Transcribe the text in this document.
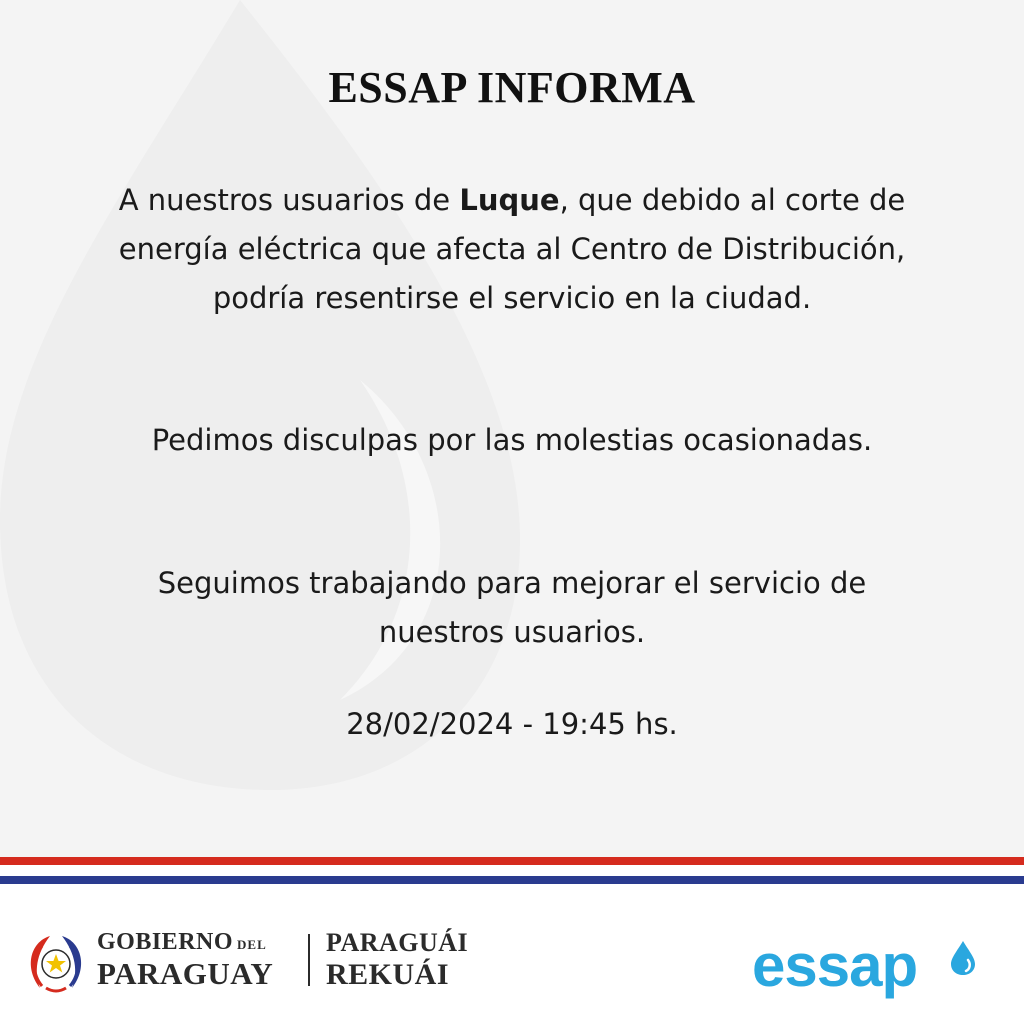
ESSAP INFORMA
A nuestros usuarios de Luque, que debido al corte de energía eléctrica que afecta al Centro de Distribución, podría resentirse el servicio en la ciudad.
Pedimos disculpas por las molestias ocasionadas.
Seguimos trabajando para mejorar el servicio de nuestros usuarios.
28/02/2024 - 19:45 hs.
GOBIERNO DEL
PARAGUAY
PARAGUÁI
REKUÁI	essap
